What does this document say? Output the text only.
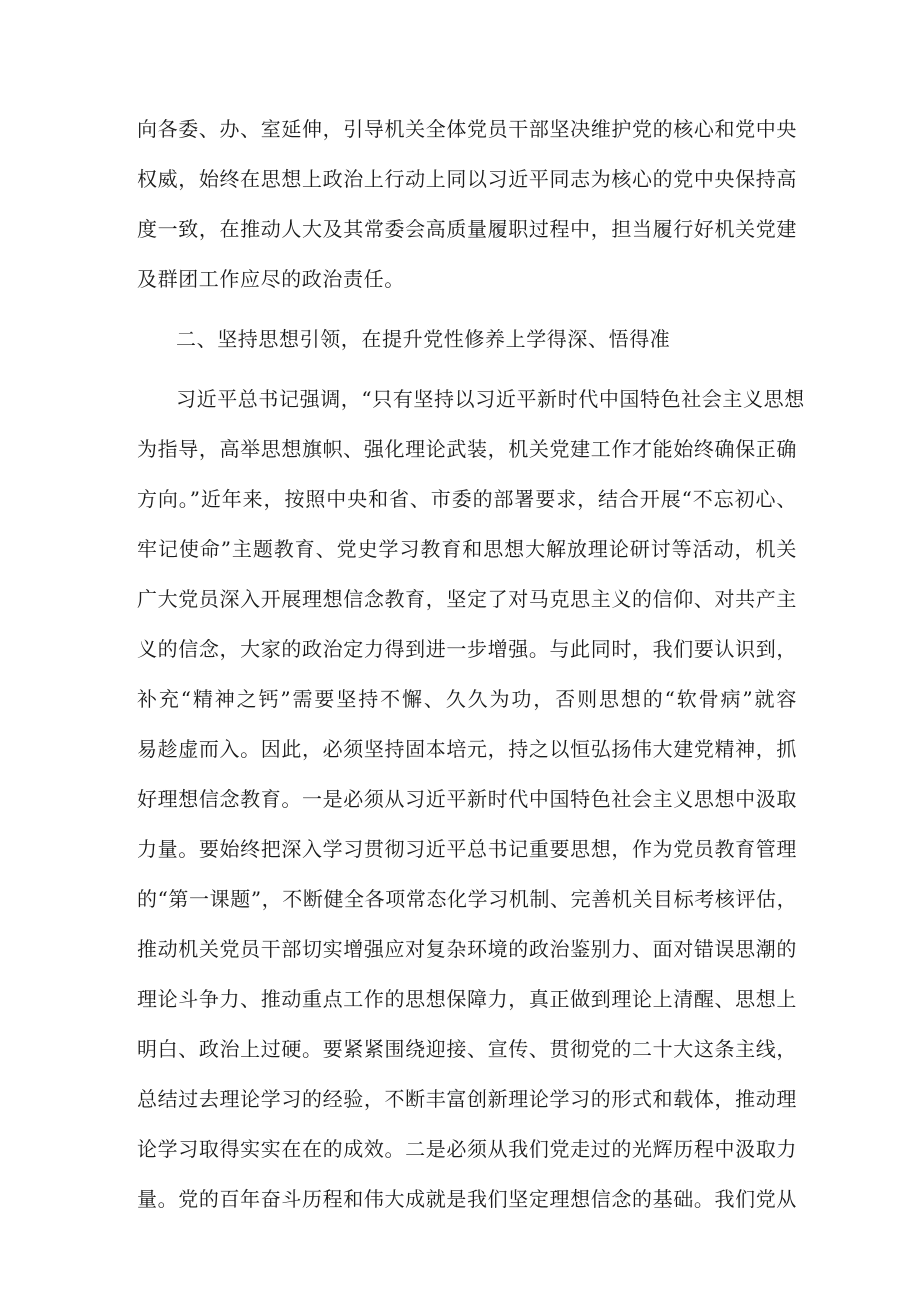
向各委、办、室延伸，引导机关全体党员干部坚决维护党的核心和党中央
权威，始终在思想上政治上行动上同以习近平同志为核心的党中央保持高
度一致，在推动人大及其常委会高质量履职过程中，担当履行好机关党建
及群团工作应尽的政治责任。
二、坚持思想引领，在提升党性修养上学得深、悟得准
习近平总书记强调，“只有坚持以习近平新时代中国特色社会主义思想
为指导，高举思想旗帜、强化理论武装，机关党建工作才能始终确保正确
方向。”近年来，按照中央和省、市委的部署要求，结合开展“不忘初心、
牢记使命”主题教育、党史学习教育和思想大解放理论研讨等活动，机关
广大党员深入开展理想信念教育，坚定了对马克思主义的信仰、对共产主
义的信念，大家的政治定力得到进一步增强。与此同时，我们要认识到，
补充“精神之钙”需要坚持不懈、久久为功，否则思想的“软骨病”就容
易趁虚而入。因此，必须坚持固本培元，持之以恒弘扬伟大建党精神，抓
好理想信念教育。一是必须从习近平新时代中国特色社会主义思想中汲取
力量。要始终把深入学习贯彻习近平总书记重要思想，作为党员教育管理
的“第一课题”，不断健全各项常态化学习机制、完善机关目标考核评估，
推动机关党员干部切实增强应对复杂环境的政治鉴别力、面对错误思潮的
理论斗争力、推动重点工作的思想保障力，真正做到理论上清醒、思想上
明白、政治上过硬。要紧紧围绕迎接、宣传、贯彻党的二十大这条主线，
总结过去理论学习的经验，不断丰富创新理论学习的形式和载体，推动理
论学习取得实实在在的成效。二是必须从我们党走过的光辉历程中汲取力
量。党的百年奋斗历程和伟大成就是我们坚定理想信念的基础。我们党从
